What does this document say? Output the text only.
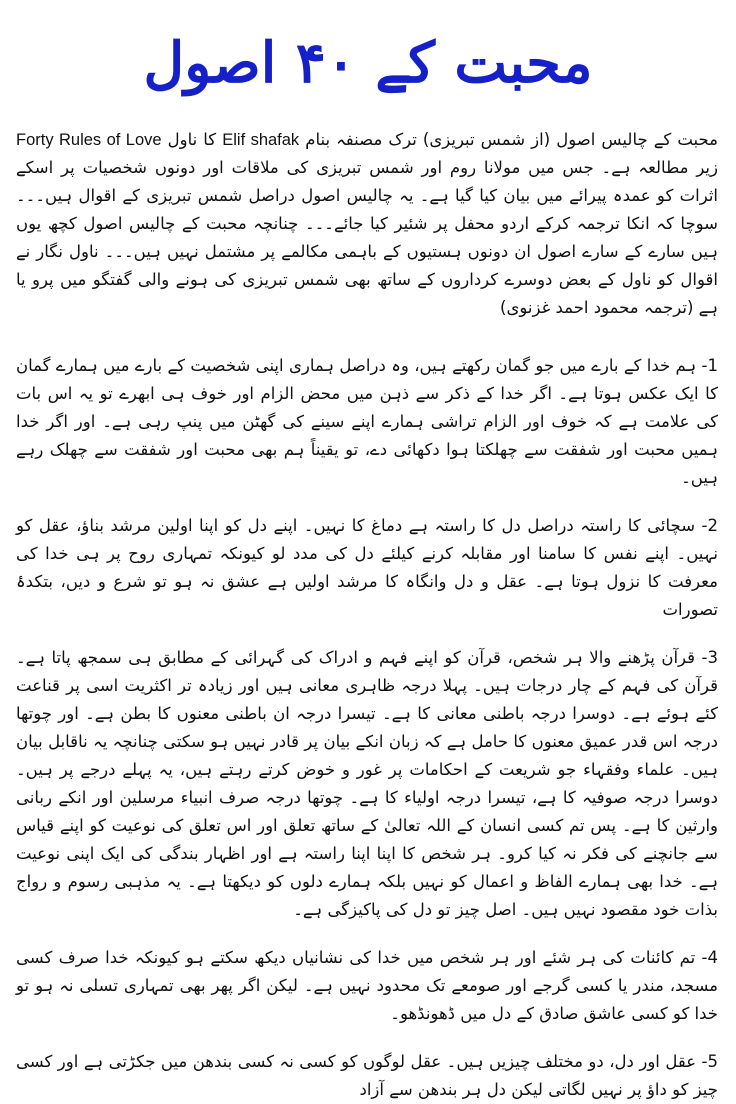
محبت کے ۴۰ اصول

محبت کے چالیس اصول (از شمس تبریزی) ترک مصنفہ بنام Elif shafak کا ناول Forty Rules of Love زیر مطالعہ ہے۔ جس میں مولانا روم اور شمس تبریزی کی ملاقات اور دونوں شخصیات پر اسکے اثرات کو عمدہ پیرائے میں بیان کیا گیا ہے۔ یہ چالیس اصول دراصل شمس تبریزی کے اقوال ہیں۔۔۔ سوچا کہ انکا ترجمہ کرکے اردو محفل پر شئیر کیا جائے۔۔۔ چنانچہ محبت کے چالیس اصول کچھ یوں ہیں سارے کے سارے اصول ان دونوں ہستیوں کے باہمی مکالمے پر مشتمل نہیں ہیں۔۔۔ ناول نگار نے اقوال کو ناول کے بعض دوسرے کرداروں کے ساتھ بھی شمس تبریزی کی ہونے والی گفتگو میں پرو یا ہے (ترجمہ محمود احمد غزنوی)

1- ہم خدا کے بارے میں جو گمان رکھتے ہیں، وہ دراصل ہماری اپنی شخصیت کے بارے میں ہمارے گمان کا ایک عکس ہوتا ہے۔ اگر خدا کے ذکر سے ذہن میں محض الزام اور خوف ہی ابھرے تو یہ اس بات کی علامت ہے کہ خوف اور الزام تراشی ہمارے اپنے سینے کی گھٹن میں پنپ رہی ہے۔ اور اگر خدا ہمیں محبت اور شفقت سے چھلکتا ہوا دکھائی دے، تو یقیناً ہم بھی محبت اور شفقت سے چھلک رہے ہیں۔

2- سچائی کا راستہ دراصل دل کا راستہ ہے دماغ کا نہیں۔ اپنے دل کو اپنا اولین مرشد بناؤ، عقل کو نہیں۔ اپنے نفس کا سامنا اور مقابلہ کرنے کیلئے دل کی مدد لو کیونکہ تمہاری روح پر ہی خدا کی معرفت کا نزول ہوتا ہے۔ عقل و دل وانگاہ کا مرشد اولیں ہے عشق نہ ہو تو شرع و دیں، بتکدۂ تصورات

3- قرآن پڑھنے والا ہر شخص، قرآن کو اپنے فہم و ادراک کی گہرائی کے مطابق ہی سمجھ پاتا ہے۔ قرآن کی فہم کے چار درجات ہیں۔ پہلا درجہ ظاہری معانی ہیں اور زیادہ تر اکثریت اسی پر قناعت کئے ہوئے ہے۔ دوسرا درجہ باطنی معانی کا ہے۔ تیسرا درجہ ان باطنی معنوں کا بطن ہے۔ اور چوتھا درجہ اس قدر عمیق معنوں کا حامل ہے کہ زبان انکے بیان پر قادر نہیں ہو سکتی چنانچہ یہ ناقابل بیان ہیں۔ علماء وفقہاء جو شریعت کے احکامات پر غور و خوض کرتے رہتے ہیں، یہ پہلے درجے پر ہیں۔ دوسرا درجہ صوفیہ کا ہے، تیسرا درجہ اولیاء کا ہے۔ چوتھا درجہ صرف انبیاء مرسلین اور انکے ربانی وارثین کا ہے۔ پس تم کسی انسان کے اللہ تعالیٰ کے ساتھ تعلق اور اس تعلق کی نوعیت کو اپنے قیاس سے جانچنے کی فکر نہ کیا کرو۔ ہر شخص کا اپنا اپنا راستہ ہے اور اظہار بندگی کی ایک اپنی نوعیت ہے۔ خدا بھی ہمارے الفاظ و اعمال کو نہیں بلکہ ہمارے دلوں کو دیکھتا ہے۔ یہ مذہبی رسوم و رواج بذات خود مقصود نہیں ہیں۔ اصل چیز تو دل کی پاکیزگی ہے۔

4- تم کائنات کی ہر شئے اور ہر شخص میں خدا کی نشانیاں دیکھ سکتے ہو کیونکہ خدا صرف کسی مسجد، مندر یا کسی گرجے اور صومعے تک محدود نہیں ہے۔ لیکن اگر پھر بھی تمہاری تسلی نہ ہو تو خدا کو کسی عاشق صادق کے دل میں ڈھونڈھو۔

5- عقل اور دل، دو مختلف چیزیں ہیں۔ عقل لوگوں کو کسی نہ کسی بندھن میں جکڑتی ہے اور کسی چیز کو داؤ پر نہیں لگاتی لیکن دل ہر بندھن سے آزاد
